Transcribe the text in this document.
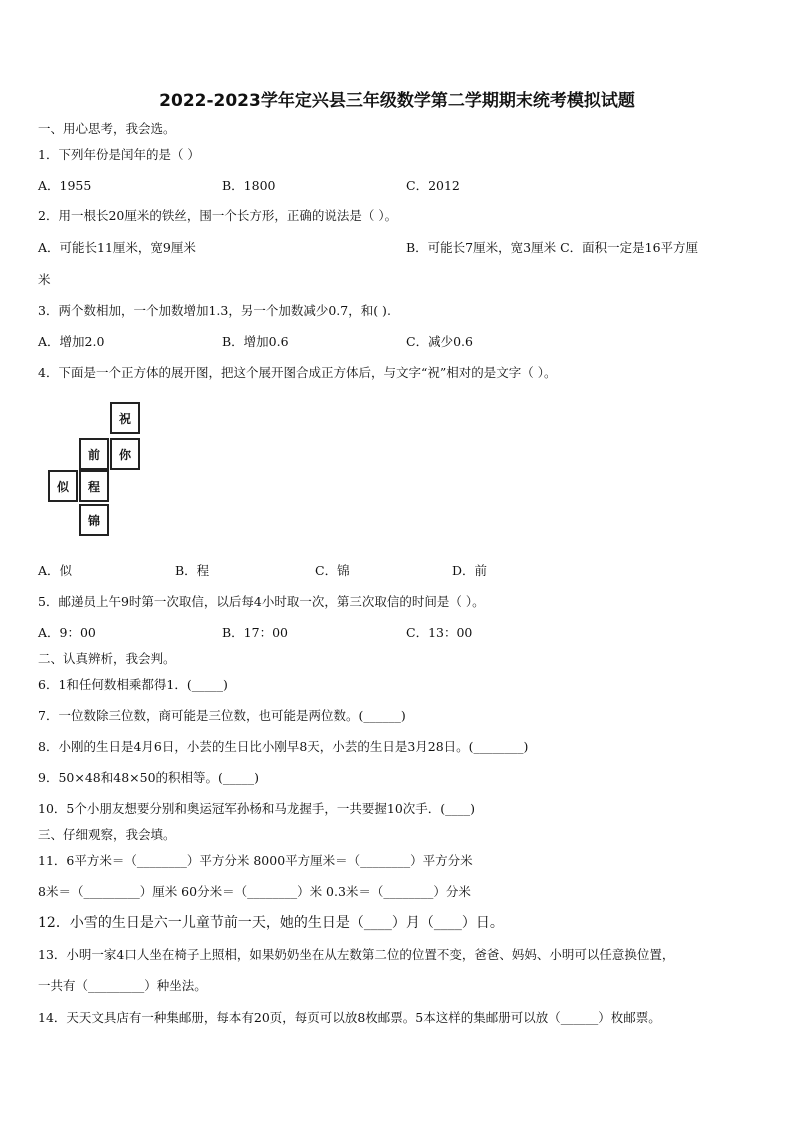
2022-2023学年定兴县三年级数学第二学期期末统考模拟试题
一、用心思考，我会选。
1．下列年份是闰年的是（ ）
A．1955	B．1800	C．2012
2．用一根长20厘米的铁丝，围一个长方形，正确的说法是（ ）。
A．可能长11厘米，宽9厘米	B．可能长7厘米，宽3厘米 C．面积一定是16平方厘
米
3．两个数相加，一个加数增加1.3，另一个加数减少0.7，和( ).
A．增加2.0	B．增加0.6	C．减少0.6
4．下面是一个正方体的展开图，把这个展开图合成正方体后，与文字“祝”相对的是文字（ ）。
祝
你
前
似	程
锦
A．似	B．程	C．锦	D．前
5．邮递员上午9时第一次取信，以后每4小时取一次，第三次取信的时间是（ ）。
A．9：00	B．17：00	C．13：00
二、认真辨析，我会判。
6．1和任何数相乘都得1．(_____)
7．一位数除三位数，商可能是三位数，也可能是两位数。(______)
8．小刚的生日是4月6日，小芸的生日比小刚早8天，小芸的生日是3月28日。(________)
9．50×48和48×50的积相等。(_____)
10．5个小朋友想要分别和奥运冠军孙杨和马龙握手，一共要握10次手．(____)
三、仔细观察，我会填。
11．6平方米＝（________）平方分米 8000平方厘米＝（________）平方分米
8米＝（_________）厘米 60分米＝（________）米 0.3米＝（________）分米
12．小雪的生日是六一儿童节前一天，她的生日是（____）月（____）日。
13．小明一家4口人坐在椅子上照相，如果奶奶坐在从左数第二位的位置不变，爸爸、妈妈、小明可以任意换位置，
一共有（_________）种坐法。
14．天天文具店有一种集邮册，每本有20页，每页可以放8枚邮票。5本这样的集邮册可以放（______）枚邮票。
